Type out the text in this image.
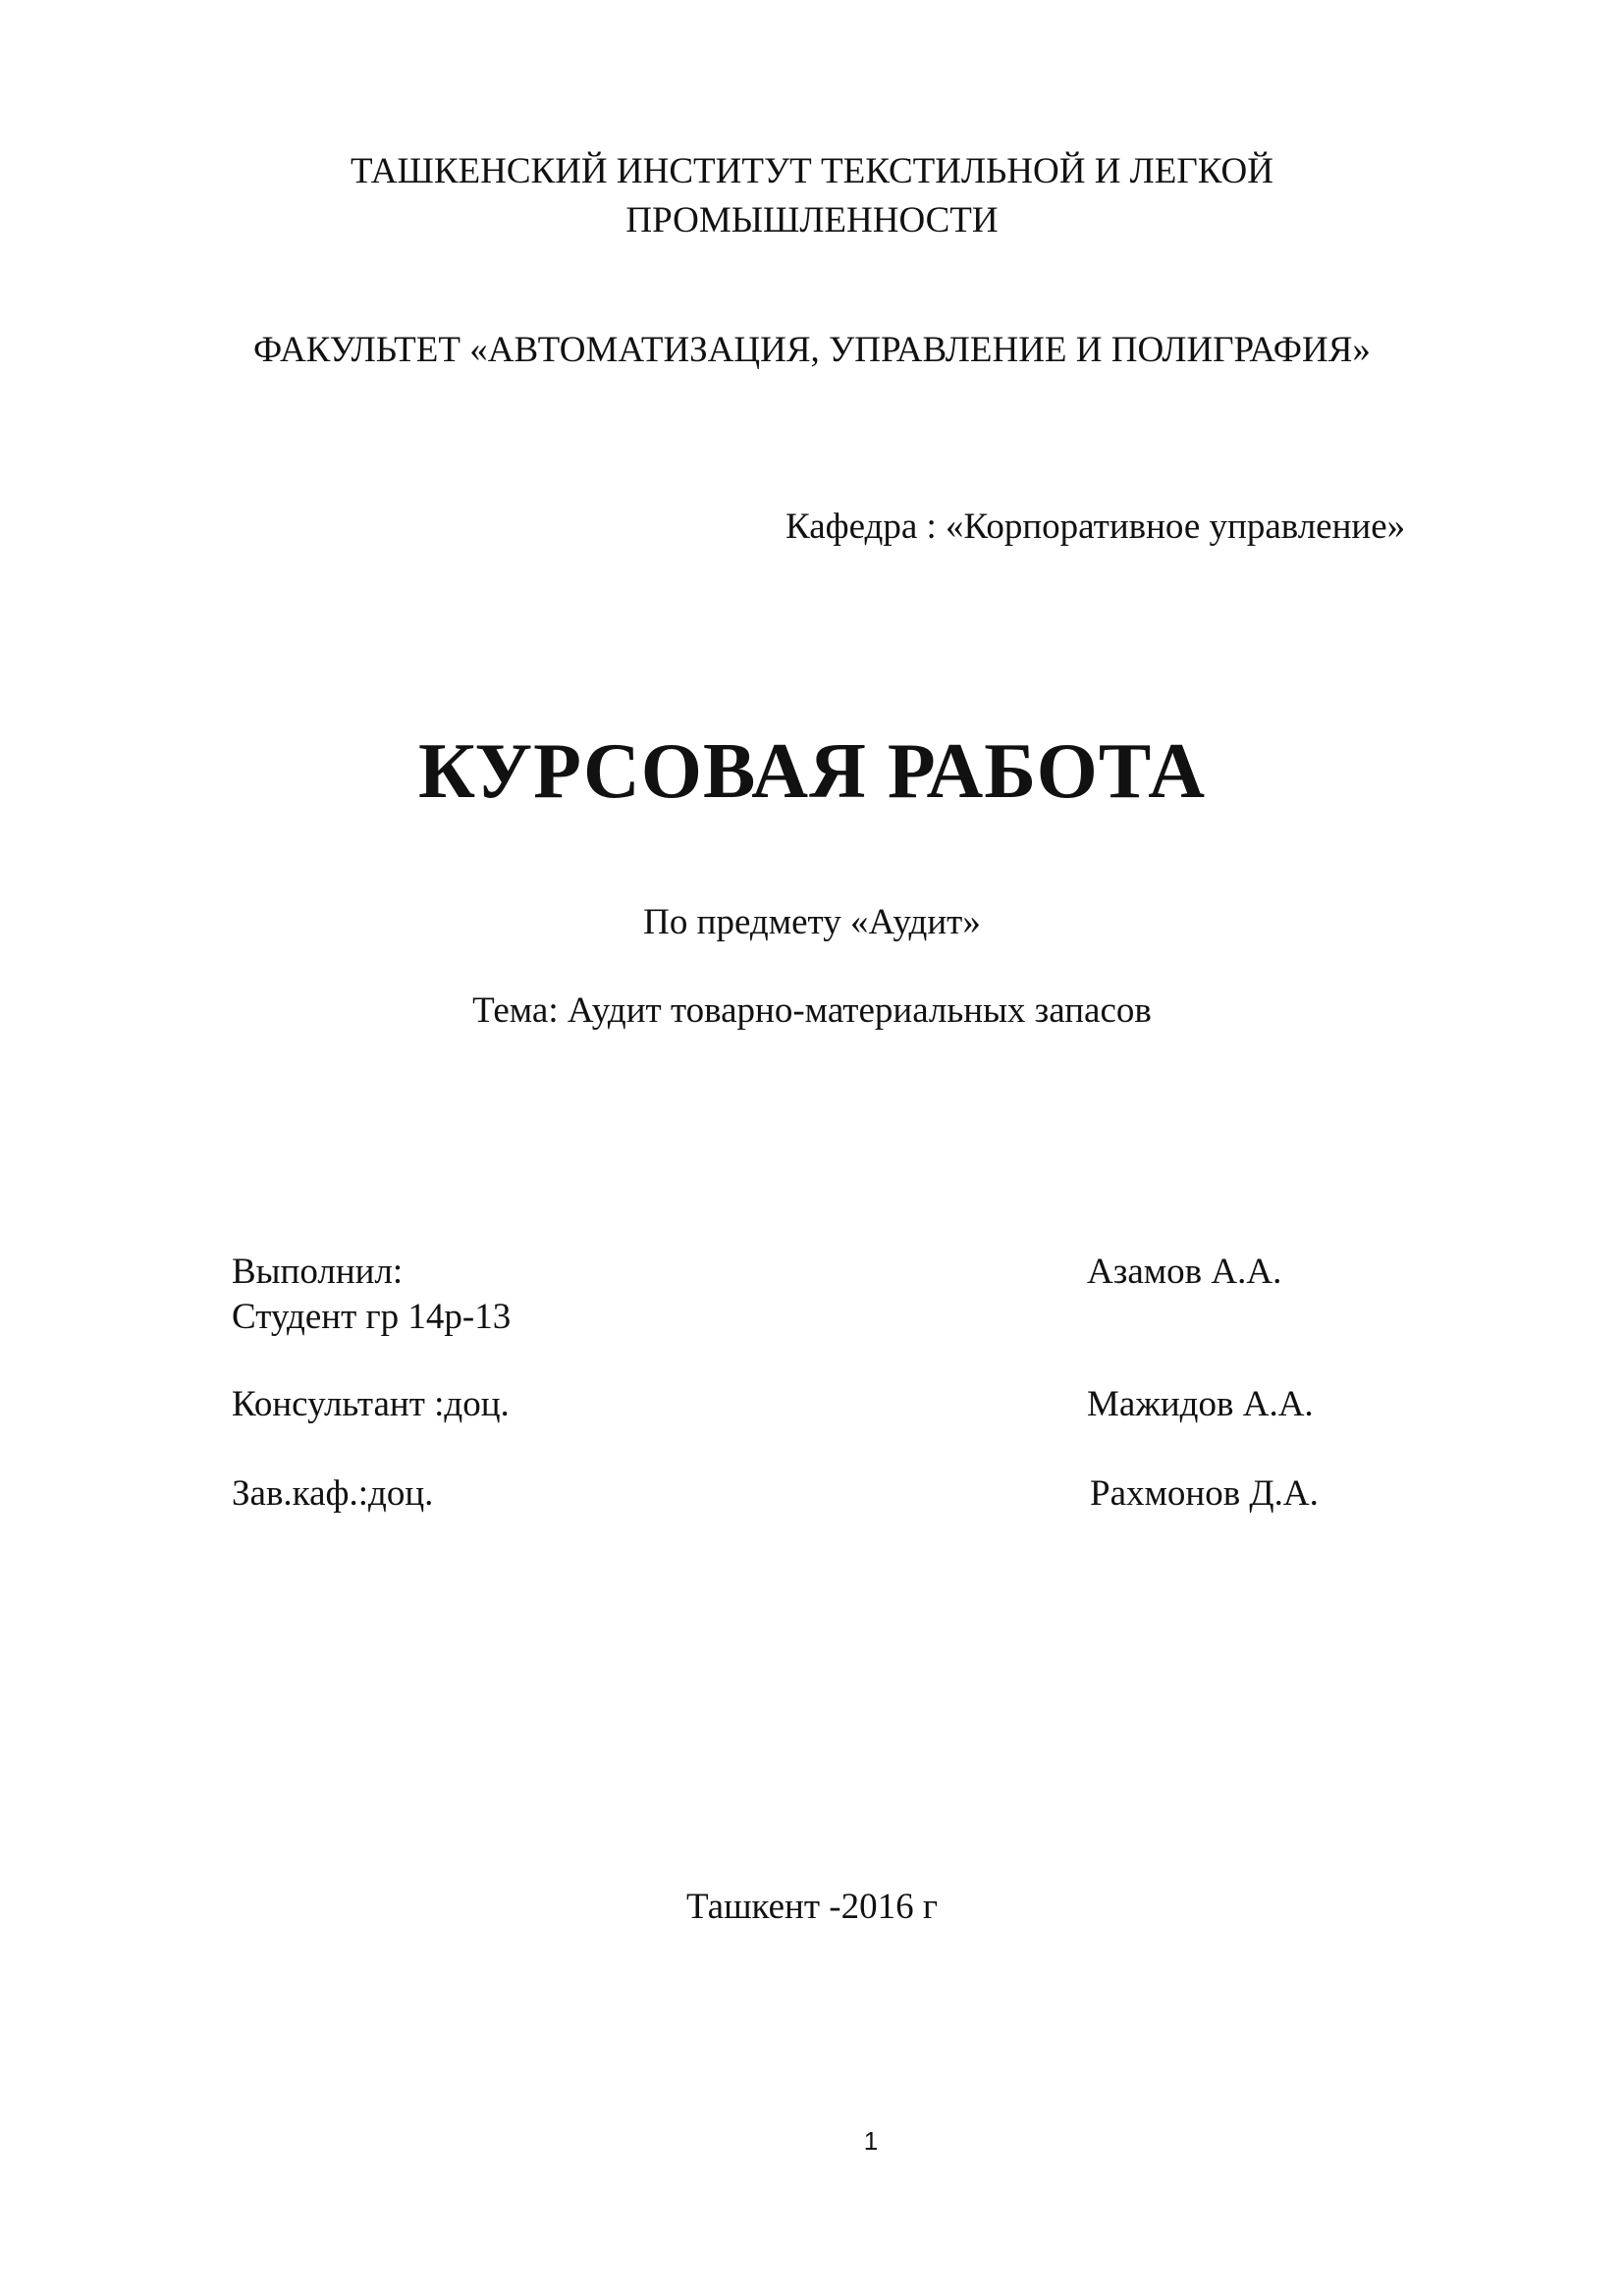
ТАШКЕНСКИЙ ИНСТИТУТ ТЕКСТИЛЬНОЙ И ЛЕГКОЙ
ПРОМЫШЛЕННОСТИ
ФАКУЛЬТЕТ «АВТОМАТИЗАЦИЯ, УПРАВЛЕНИЕ И ПОЛИГРАФИЯ»
Кафедра : «Корпоративное управление»
КУРСОВАЯ РАБОТА
По предмету «Аудит»
Тема: Аудит товарно-материальных запасов
Выполнил:
Студент гр 14р-13
Азамов А.А.
Консультант :доц.	Мажидов А.А.
Зав.каф.:доц.	Рахмонов Д.А.
Ташкент -2016 г
1
